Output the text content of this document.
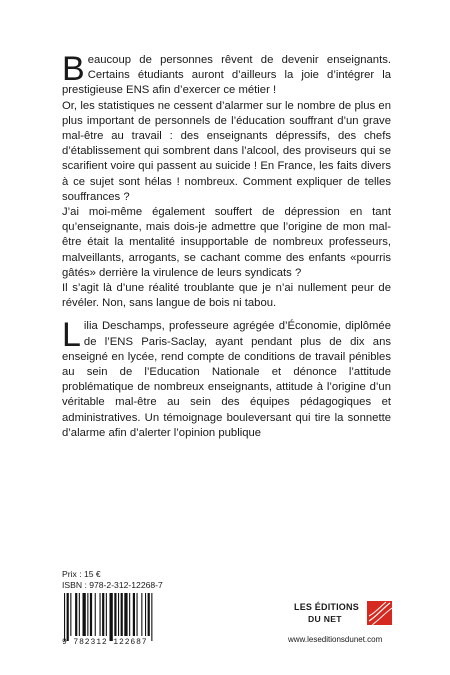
Beaucoup de personnes rêvent de devenir enseignants. Certains étudiants auront d’ailleurs la joie d’intégrer la prestigieuse ENS afin d’exercer ce métier !

Or, les statistiques ne cessent d’alarmer sur le nombre de plus en plus important de personnels de l’éducation souffrant d’un grave mal-être au travail : des enseignants dépressifs, des chefs d’établissement qui sombrent dans l’alcool, des proviseurs qui se scarifient voire qui passent au suicide ! En France, les faits divers à ce sujet sont hélas ! nombreux. Comment expliquer de telles souffrances ?

J’ai moi-même également souffert de dépression en tant qu’enseignante, mais dois-je admettre que l’origine de mon mal-être était la mentalité insupportable de nombreux professeurs, malveillants, arrogants, se cachant comme des enfants «pourris gâtés» derrière la virulence de leurs syndicats ?

Il s’agit là d’une réalité troublante que je n’ai nullement peur de révéler. Non, sans langue de bois ni tabou.

Lilia Deschamps, professeure agrégée d’Économie, diplômée de l’ENS Paris-Saclay, ayant pendant plus de dix ans enseigné en lycée, rend compte de conditions de travail pénibles au sein de l’Education Nationale et dénonce l’attitude problématique de nombreux enseignants, attitude à l’origine d’un véritable mal-être au sein des équipes pédagogiques et administratives. Un témoignage bouleversant qui tire la sonnette d’alarme afin d’alerter l’opinion publique

Prix : 15 €
ISBN : 978-2-312-12268-7
9 782312 122687
LES ÉDITIONS
DU NET
www.leseditionsdunet.com
